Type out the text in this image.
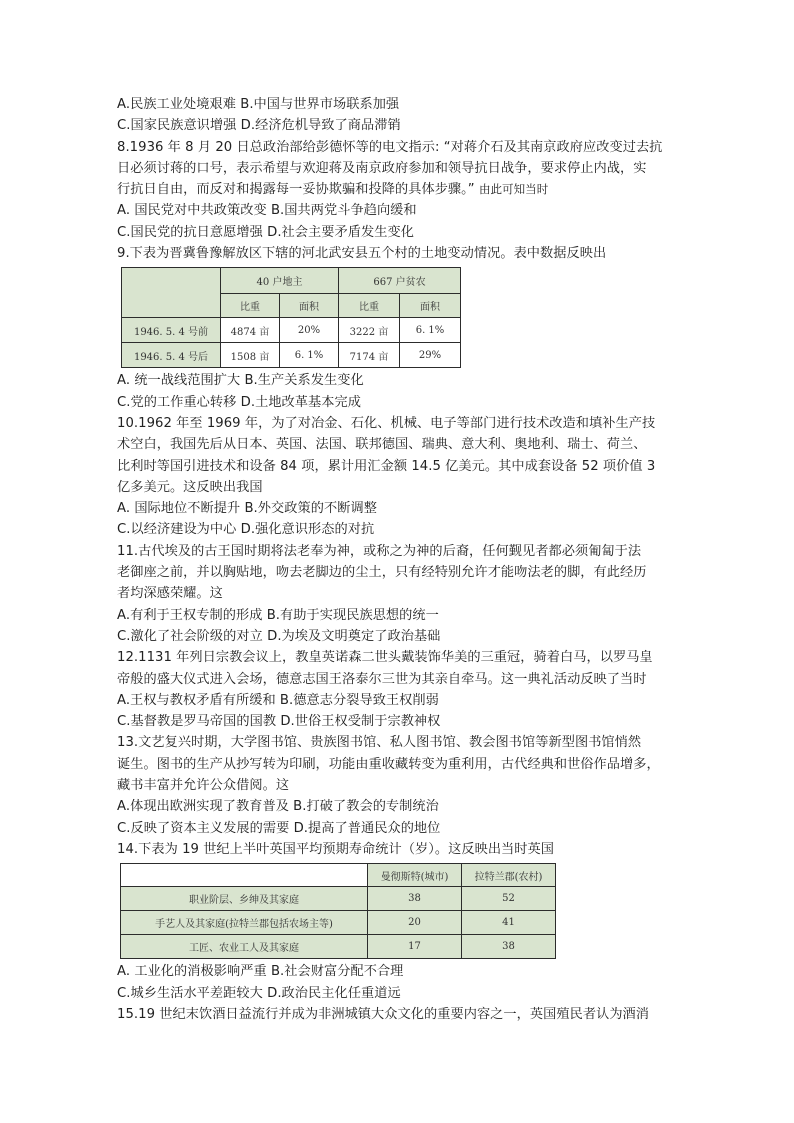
A.民族工业处境艰难 B.中国与世界市场联系加强
C.国家民族意识增强 D.经济危机导致了商品滞销
8.1936 年 8 月 20 日总政治部给彭德怀等的电文指示: “对蒋介石及其南京政府应改变过去抗
日必须讨蒋的口号，表示希望与欢迎蒋及南京政府参加和领导抗日战争，要求停止内战，实
行抗日自由，而反对和揭露每一妥协欺骗和投降的具体步骤。” 由此可知当时
A. 国民党对中共政策改变 B.国共两党斗争趋向缓和
C.国民党的抗日意愿增强 D.社会主要矛盾发生变化
9.下表为晋冀鲁豫解放区下辖的河北武安县五个村的土地变动情况。表中数据反映出
	40 户地主		667 户贫农	
	比重	面积	比重	面积
1946. 5. 4 号前	4874 亩	20%	3222 亩	6. 1%
1946. 5. 4 号后	1508 亩	6. 1%	7174 亩	29%
A. 统一战线范围扩大 B.生产关系发生变化
C.党的工作重心转移 D.土地改革基本完成
10.1962 年至 1969 年，为了对冶金、石化、机械、电子等部门进行技术改造和填补生产技
术空白，我国先后从日本、英国、法国、联邦德国、瑞典、意大利、奥地利、瑞士、荷兰、
比利时等国引进技术和设备 84 项，累计用汇金额 14.5 亿美元。其中成套设备 52 项价值 3
亿多美元。这反映出我国
A. 国际地位不断提升 B.外交政策的不断调整
C.以经济建设为中心 D.强化意识形态的对抗
11.古代埃及的古王国时期将法老奉为神，或称之为神的后裔，任何觐见者都必须匍匐于法
老御座之前，并以胸贴地，吻去老脚边的尘土，只有经特别允许才能吻法老的脚，有此经历
者均深感荣耀。这
A.有利于王权专制的形成 B.有助于实现民族思想的统一
C.激化了社会阶级的对立 D.为埃及文明奠定了政治基础
12.1131 年列日宗教会议上，教皇英诺森二世头戴装饰华美的三重冠，骑着白马，以罗马皇
帝般的盛大仪式进入会场，德意志国王洛泰尔三世为其亲自牵马。这一典礼活动反映了当时
A.王权与教权矛盾有所缓和 B.德意志分裂导致王权削弱
C.基督教是罗马帝国的国教 D.世俗王权受制于宗教神权
13.文艺复兴时期，大学图书馆、贵族图书馆、私人图书馆、教会图书馆等新型图书馆悄然
诞生。图书的生产从抄写转为印刷，功能由重收藏转变为重利用，古代经典和世俗作品增多，
藏书丰富并允许公众借阅。这
A.体现出欧洲实现了教育普及 B.打破了教会的专制统治
C.反映了资本主义发展的需要 D.提高了普通民众的地位
14.下表为 19 世纪上半叶英国平均预期寿命统计（岁）。这反映出当时英国
	曼彻斯特(城市)	拉特兰郡(农村)
职业阶层、乡绅及其家庭	38	52
手艺人及其家庭(拉特兰郡包括农场主等)	20	41
工匠、农业工人及其家庭	17	38
A. 工业化的消极影响严重 B.社会财富分配不合理
C.城乡生活水平差距较大 D.政治民主化任重道远
15.19 世纪末饮酒日益流行并成为非洲城镇大众文化的重要内容之一，英国殖民者认为酒消
